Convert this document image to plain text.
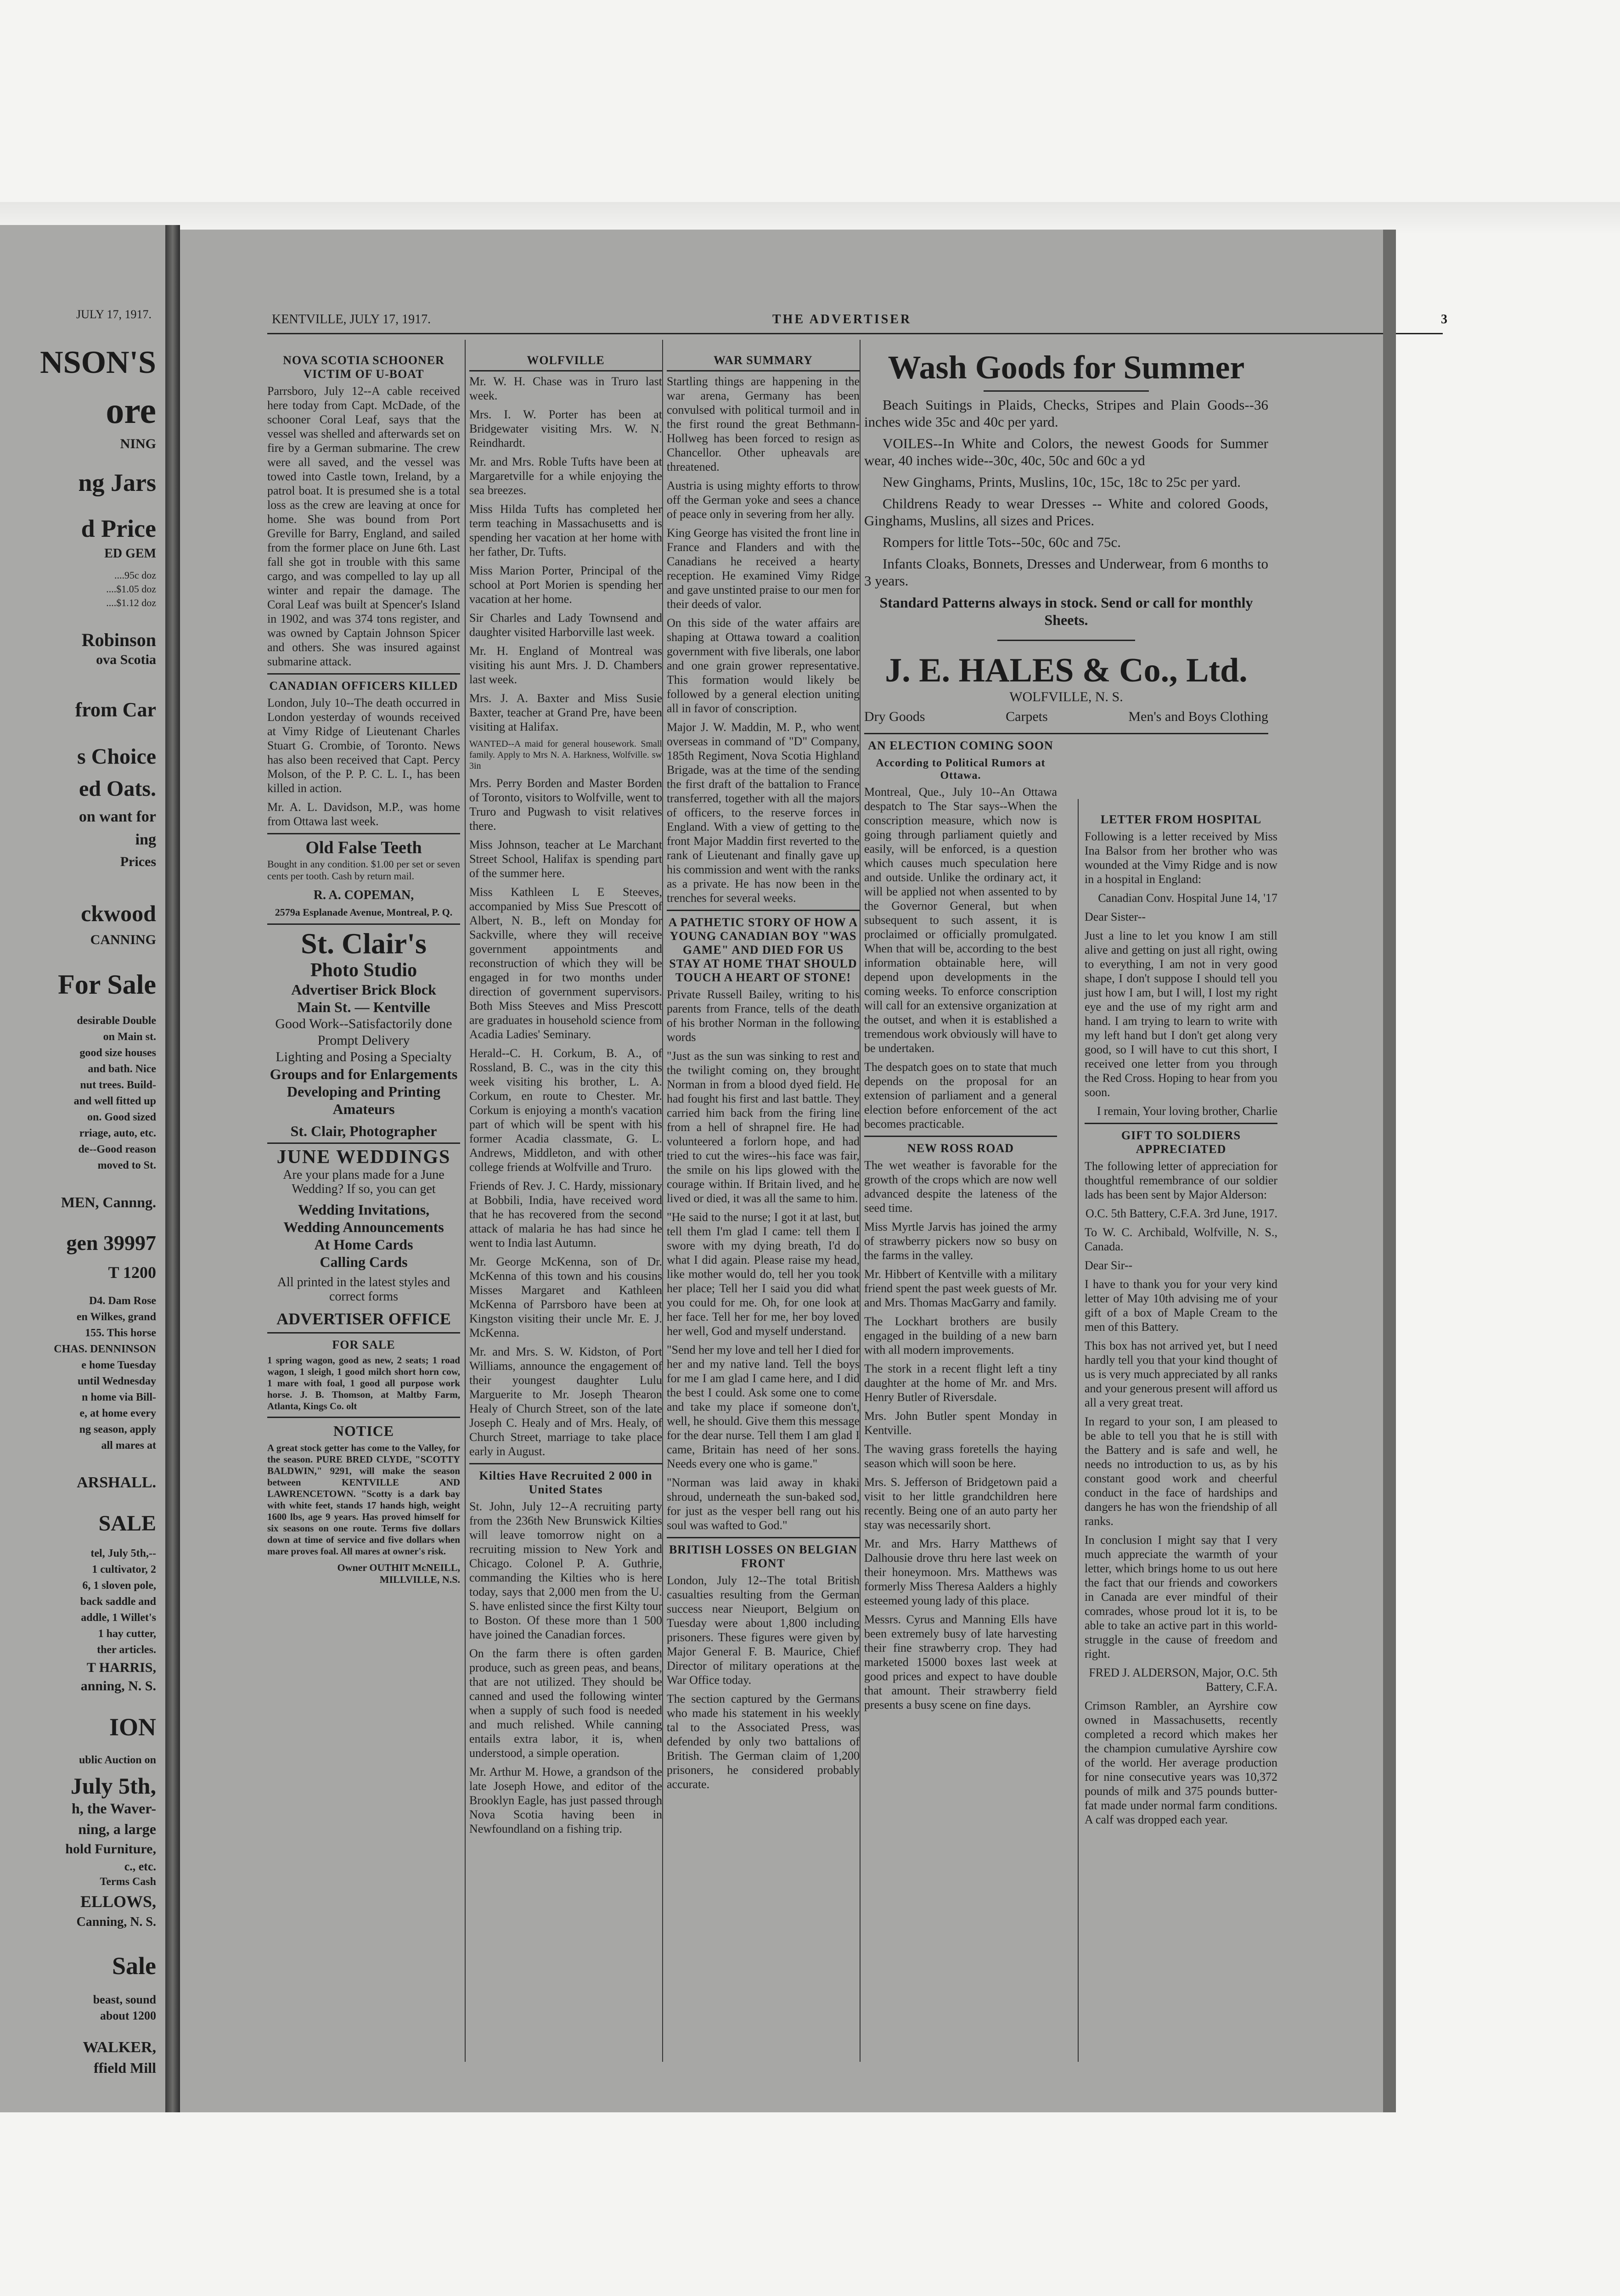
JULY 17, 1917.
NSON'S
ore
NING
ng Jars
d Price
ED GEM
....95c doz
....$1.05 doz
....$1.12 doz
Robinson
ova Scotia
from Car
s Choice
ed Oats.
on want for
ing
Prices
ckwood
CANNING
For Sale
desirable Double
on Main st.
good size houses
and bath. Nice
nut trees. Build-
and well fitted up
on. Good sized
rriage, auto, etc.
de--Good reason
moved to St.
MEN, Cannng.
gen 39997
T 1200
D4. Dam Rose
en Wilkes, grand
155. This horse
CHAS. DENNINSON
e home Tuesday
until Wednesday
n home via Bill-
e, at home every
ng season, apply
all mares at
ARSHALL.
SALE
tel, July 5th,--
1 cultivator, 2
6, 1 sloven pole,
back saddle and
addle, 1 Willet's
1 hay cutter,
ther articles.
T HARRIS,
anning, N. S.
ION
ublic Auction on
July 5th,
h, the Waver-
ning, a large
hold Furniture,
c., etc.
Terms Cash
ELLOWS,
Canning, N. S.
Sale
beast, sound
about 1200
WALKER,
ffield Mill
KENTVILLE, JULY 17, 1917.	THE ADVERTISER	3
NOVA SCOTIA SCHOONER VICTIM OF U-BOAT

Parrsboro, July 12--A cable received here today from Capt. McDade, of the schooner Coral Leaf, says that the vessel was shelled and afterwards set on fire by a German submarine. The crew were all saved, and the vessel was towed into Castle town, Ireland, by a patrol boat. It is presumed she is a total loss as the crew are leaving at once for home. She was bound from Port Greville for Barry, England, and sailed from the former place on June 6th. Last fall she got in trouble with this same cargo, and was compelled to lay up all winter and repair the damage. The Coral Leaf was built at Spencer's Island in 1902, and was 374 tons register, and was owned by Captain Johnson Spicer and others. She was insured against submarine attack.

CANADIAN OFFICERS KILLED

London, July 10--The death occurred in London yesterday of wounds received at Vimy Ridge of Lieutenant Charles Stuart G. Crombie, of Toronto. News has also been received that Capt. Percy Molson, of the P. P. C. L. I., has been killed in action.

Mr. A. L. Davidson, M.P., was home from Ottawa last week.

Old False Teeth

Bought in any condition. $1.00 per set or seven cents per tooth. Cash by return mail.

R. A. COPEMAN,
2579a Esplanade Avenue, Montreal, P. Q.
St. Clair's
Photo Studio
Advertiser Brick Block
Main St. — Kentville
Good Work--Satisfactorily done
Prompt Delivery
Lighting and Posing a Specialty
Groups and for Enlargements
Developing and Printing
Amateurs
St. Clair, Photographer
JUNE WEDDINGS

Are your plans made for a June Wedding? If so, you can get

Wedding Invitations,
Wedding Announcements
At Home Cards
Calling Cards

All printed in the latest styles and correct forms

ADVERTISER OFFICE
FOR SALE

1 spring wagon, good as new, 2 seats; 1 road wagon, 1 sleigh, 1 good milch short horn cow, 1 mare with foal, 1 good all purpose work horse. J. B. Thomson, at Maltby Farm, Atlanta, Kings Co. olt

NOTICE

A great stock getter has come to the Valley, for the season. PURE BRED CLYDE, "SCOTTY BALDWIN," 9291, will make the season between KENTVILLE AND LAWRENCETOWN. "Scotty is a dark bay with white feet, stands 17 hands high, weight 1600 lbs, age 9 years. Has proved himself for six seasons on one route. Terms five dollars down at time of service and five dollars when mare proves foal. All mares at owner's risk.

Owner OUTHIT McNEILL,
MILLVILLE, N.S.
WOLFVILLE

Mr. W. H. Chase was in Truro last week.

Mrs. I. W. Porter has been at Bridgewater visiting Mrs. W. N. Reindhardt.

Mr. and Mrs. Roble Tufts have been at Margaretville for a while enjoying the sea breezes.

Miss Hilda Tufts has completed her term teaching in Massachusetts and is spending her vacation at her home with her father, Dr. Tufts.

Miss Marion Porter, Principal of the school at Port Morien is spending her vacation at her home.

Sir Charles and Lady Townsend and daughter visited Harborville last week.

Mr. H. England of Montreal was visiting his aunt Mrs. J. D. Chambers last week.

Mrs. J. A. Baxter and Miss Susie Baxter, teacher at Grand Pre, have been visiting at Halifax.

WANTED--A maid for general housework. Small family. Apply to Mrs N. A. Harkness, Wolfville. sw 3in

Mrs. Perry Borden and Master Borden of Toronto, visitors to Wolfville, went to Truro and Pugwash to visit relatives there.

Miss Johnson, teacher at Le Marchant Street School, Halifax is spending part of the summer here.

Miss Kathleen L E Steeves, accompanied by Miss Sue Prescott of Albert, N. B., left on Monday for Sackville, where they will receive government appointments and reconstruction of which they will be engaged in for two months under direction of government supervisors. Both Miss Steeves and Miss Prescott are graduates in household science from Acadia Ladies' Seminary.

Herald--C. H. Corkum, B. A., of Rossland, B. C., was in the city this week visiting his brother, L. A. Corkum, en route to Chester. Mr. Corkum is enjoying a month's vacation part of which will be spent with his former Acadia classmate, G. L. Andrews, Middleton, and with other college friends at Wolfville and Truro.

Friends of Rev. J. C. Hardy, missionary at Bobbili, India, have received word that he has recovered from the second attack of malaria he has had since he went to India last Autumn.

Mr. George McKenna, son of Dr. McKenna of this town and his cousins Misses Margaret and Kathleen McKenna of Parrsboro have been at Kingston visiting their uncle Mr. E. J. McKenna.

Mr. and Mrs. S. W. Kidston, of Port Williams, announce the engagement of their youngest daughter Lulu Marguerite to Mr. Joseph Thearon Healy of Church Street, son of the late Joseph C. Healy and of Mrs. Healy, of Church Street, marriage to take place early in August.

Kilties Have Recruited 2 000 in United States

St. John, July 12--A recruiting party from the 236th New Brunswick Kilties will leave tomorrow night on a recruiting mission to New York and Chicago. Colonel P. A. Guthrie, commanding the Kilties who is here today, says that 2,000 men from the U. S. have enlisted since the first Kilty tour to Boston. Of these more than 1 500 have joined the Canadian forces.

On the farm there is often garden produce, such as green peas, and beans, that are not utilized. They should be canned and used the following winter when a supply of such food is needed and much relished. While canning entails extra labor, it is, when understood, a simple operation.

Mr. Arthur M. Howe, a grandson of the late Joseph Howe, and editor of the Brooklyn Eagle, has just passed through Nova Scotia having been in Newfoundland on a fishing trip.

WAR SUMMARY

Startling things are happening in the war arena, Germany has been convulsed with political turmoil and in the first round the great Bethmann-Hollweg has been forced to resign as Chancellor. Other upheavals are threatened.

Austria is using mighty efforts to throw off the German yoke and sees a chance of peace only in severing from her ally.

King George has visited the front line in France and Flanders and with the Canadians he received a hearty reception. He examined Vimy Ridge and gave unstinted praise to our men for their deeds of valor.

On this side of the water affairs are shaping at Ottawa toward a coalition government with five liberals, one labor and one grain grower representative. This formation would likely be followed by a general election uniting all in favor of conscription.

Major J. W. Maddin, M. P., who went overseas in command of "D" Company, 185th Regiment, Nova Scotia Highland Brigade, was at the time of the sending the first draft of the battalion to France transferred, together with all the majors of officers, to the reserve forces in England. With a view of getting to the front Major Maddin first reverted to the rank of Lieutenant and finally gave up his commission and went with the ranks as a private. He has now been in the trenches for several weeks.

A PATHETIC STORY OF HOW A YOUNG CANADIAN BOY "WAS GAME" AND DIED FOR US STAY AT HOME THAT SHOULD TOUCH A HEART OF STONE!

Private Russell Bailey, writing to his parents from France, tells of the death of his brother Norman in the following words

"Just as the sun was sinking to rest and the twilight coming on, they brought Norman in from a blood dyed field. He had fought his first and last battle. They carried him back from the firing line from a hell of shrapnel fire. He had volunteered a forlorn hope, and had tried to cut the wires--his face was fair, the smile on his lips glowed with the courage within. If Britain lived, and he lived or died, it was all the same to him.

"He said to the nurse; I got it at last, but tell them I'm glad I came: tell them I swore with my dying breath, I'd do what I did again. Please raise my head, like mother would do, tell her you took her place; Tell her I said you did what you could for me. Oh, for one look at her face. Tell her for me, her boy loved her well, God and myself understand.

"Send her my love and tell her I died for her and my native land. Tell the boys for me I am glad I came here, and I did the best I could. Ask some one to come and take my place if someone don't, well, he should. Give them this message for the dear nurse. Tell them I am glad I came, Britain has need of her sons. Needs every one who is game."

"Norman was laid away in khaki shroud, underneath the sun-baked sod, for just as the vesper bell rang out his soul was wafted to God."

BRITISH LOSSES ON BELGIAN FRONT

London, July 12--The total British casualties resulting from the German success near Nieuport, Belgium on Tuesday were about 1,800 including prisoners. These figures were given by Major General F. B. Maurice, Chief Director of military operations at the War Office today.

The section captured by the Germans who made his statement in his weekly tal to the Associated Press, was defended by only two battalions of British. The German claim of 1,200 prisoners, he considered probably accurate.

Wash Goods for Summer

Beach Suitings in Plaids, Checks, Stripes and Plain Goods--36 inches wide 35c and 40c per yard.

VOILES--In White and Colors, the newest Goods for Summer wear, 40 inches wide--30c, 40c, 50c and 60c a yd

New Ginghams, Prints, Muslins, 10c, 15c, 18c to 25c per yard.

Childrens Ready to wear Dresses -- White and colored Goods, Ginghams, Muslins, all sizes and Prices.

Rompers for little Tots--50c, 60c and 75c.

Infants Cloaks, Bonnets, Dresses and Underwear, from 6 months to 3 years.

Standard Patterns always in stock. Send or call for monthly Sheets.
J. E. HALES & Co., Ltd.
WOLFVILLE, N. S.
Dry Goods	Carpets	Men's and Boys Clothing
AN ELECTION COMING SOON
According to Political Rumors at Ottawa.

Montreal, Que., July 10--An Ottawa despatch to The Star says--When the conscription measure, which now is going through parliament quietly and easily, will be enforced, is a question which causes much speculation here and outside. Unlike the ordinary act, it will be applied not when assented to by the Governor General, but when subsequent to such assent, it is proclaimed or officially promulgated. When that will be, according to the best information obtainable here, will depend upon developments in the coming weeks. To enforce conscription will call for an extensive organization at the outset, and when it is established a tremendous work obviously will have to be undertaken.

The despatch goes on to state that much depends on the proposal for an extension of parliament and a general election before enforcement of the act becomes practicable.

NEW ROSS ROAD

The wet weather is favorable for the growth of the crops which are now well advanced despite the lateness of the seed time.

Miss Myrtle Jarvis has joined the army of strawberry pickers now so busy on the farms in the valley.

Mr. Hibbert of Kentville with a military friend spent the past week guests of Mr. and Mrs. Thomas MacGarry and family.

The Lockhart brothers are busily engaged in the building of a new barn with all modern improvements.

The stork in a recent flight left a tiny daughter at the home of Mr. and Mrs. Henry Butler of Riversdale.

Mrs. John Butler spent Monday in Kentville.

The waving grass foretells the haying season which will soon be here.

Mrs. S. Jefferson of Bridgetown paid a visit to her little grandchildren here recently. Being one of an auto party her stay was necessarily short.

Mr. and Mrs. Harry Matthews of Dalhousie drove thru here last week on their honeymoon. Mrs. Matthews was formerly Miss Theresa Aalders a highly esteemed young lady of this place.

Messrs. Cyrus and Manning Ells have been extremely busy of late harvesting their fine strawberry crop. They had marketed 15000 boxes last week at good prices and expect to have double that amount. Their strawberry field presents a busy scene on fine days.

LETTER FROM HOSPITAL

Following is a letter received by Miss Ina Balsor from her brother who was wounded at the Vimy Ridge and is now in a hospital in England:

Canadian Conv. Hospital June 14, '17

Dear Sister--

Just a line to let you know I am still alive and getting on just all right, owing to everything, I am not in very good shape, I don't suppose I should tell you just how I am, but I will, I lost my right eye and the use of my right arm and hand. I am trying to learn to write with my left hand but I don't get along very good, so I will have to cut this short, I received one letter from you through the Red Cross. Hoping to hear from you soon.

I remain, Your loving brother, Charlie

GIFT TO SOLDIERS APPRECIATED

The following letter of appreciation for thoughtful remembrance of our soldier lads has been sent by Major Alderson:

O.C. 5th Battery, C.F.A. 3rd June, 1917.

To W. C. Archibald, Wolfville, N. S., Canada.

Dear Sir--

I have to thank you for your very kind letter of May 10th advising me of your gift of a box of Maple Cream to the men of this Battery.

This box has not arrived yet, but I need hardly tell you that your kind thought of us is very much appreciated by all ranks and your generous present will afford us all a very great treat.

In regard to your son, I am pleased to be able to tell you that he is still with the Battery and is safe and well, he needs no introduction to us, as by his constant good work and cheerful conduct in the face of hardships and dangers he has won the friendship of all ranks.

In conclusion I might say that I very much appreciate the warmth of your letter, which brings home to us out here the fact that our friends and coworkers in Canada are ever mindful of their comrades, whose proud lot it is, to be able to take an active part in this world-struggle in the cause of freedom and right.

FRED J. ALDERSON, Major, O.C. 5th Battery, C.F.A.

Crimson Rambler, an Ayrshire cow owned in Massachusetts, recently completed a record which makes her the champion cumulative Ayrshire cow of the world. Her average production for nine consecutive years was 10,372 pounds of milk and 375 pounds butter-fat made under normal farm conditions. A calf was dropped each year.
